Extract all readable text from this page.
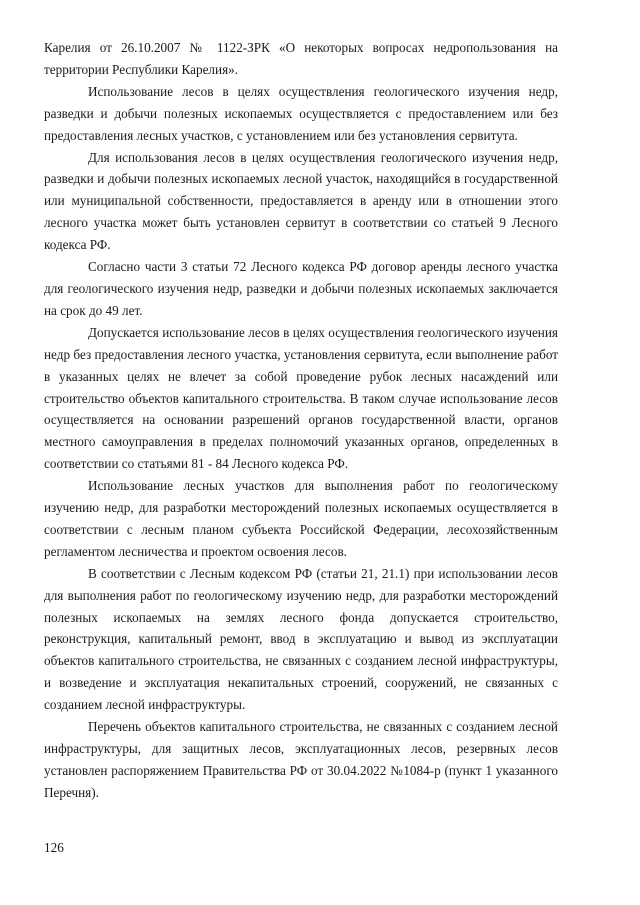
Карелия от 26.10.2007 № 1122-ЗРК «О некоторых вопросах недропользования на территории Республики Карелия».

Использование лесов в целях осуществления геологического изучения недр, разведки и добычи полезных ископаемых осуществляется с предоставлением или без предоставления лесных участков, с установлением или без установления сервитута.

Для использования лесов в целях осуществления геологического изучения недр, разведки и добычи полезных ископаемых лесной участок, находящийся в государственной или муниципальной собственности, предоставляется в аренду или в отношении этого лесного участка может быть установлен сервитут в соответствии со статьей 9 Лесного кодекса РФ.

Согласно части 3 статьи 72 Лесного кодекса РФ договор аренды лесного участка для геологического изучения недр, разведки и добычи полезных ископаемых заключается на срок до 49 лет.

Допускается использование лесов в целях осуществления геологического изучения недр без предоставления лесного участка, установления сервитута, если выполнение работ в указанных целях не влечет за собой проведение рубок лесных насаждений или строительство объектов капитального строительства. В таком случае использование лесов осуществляется на основании разрешений органов государственной власти, органов местного самоуправления в пределах полномочий указанных органов, определенных в соответствии со статьями 81 - 84 Лесного кодекса РФ.

Использование лесных участков для выполнения работ по геологическому изучению недр, для разработки месторождений полезных ископаемых осуществляется в соответствии с лесным планом субъекта Российской Федерации, лесохозяйственным регламентом лесничества и проектом освоения лесов.

В соответствии с Лесным кодексом РФ (статьи 21, 21.1) при использовании лесов для выполнения работ по геологическому изучению недр, для разработки месторождений полезных ископаемых на землях лесного фонда допускается строительство, реконструкция, капитальный ремонт, ввод в эксплуатацию и вывод из эксплуатации объектов капитального строительства, не связанных с созданием лесной инфраструктуры, и возведение и эксплуатация некапитальных строений, сооружений, не связанных с созданием лесной инфраструктуры.

Перечень объектов капитального строительства, не связанных с созданием лесной инфраструктуры, для защитных лесов, эксплуатационных лесов, резервных лесов установлен распоряжением Правительства РФ от 30.04.2022 №1084-р (пункт 1 указанного Перечня).

126
